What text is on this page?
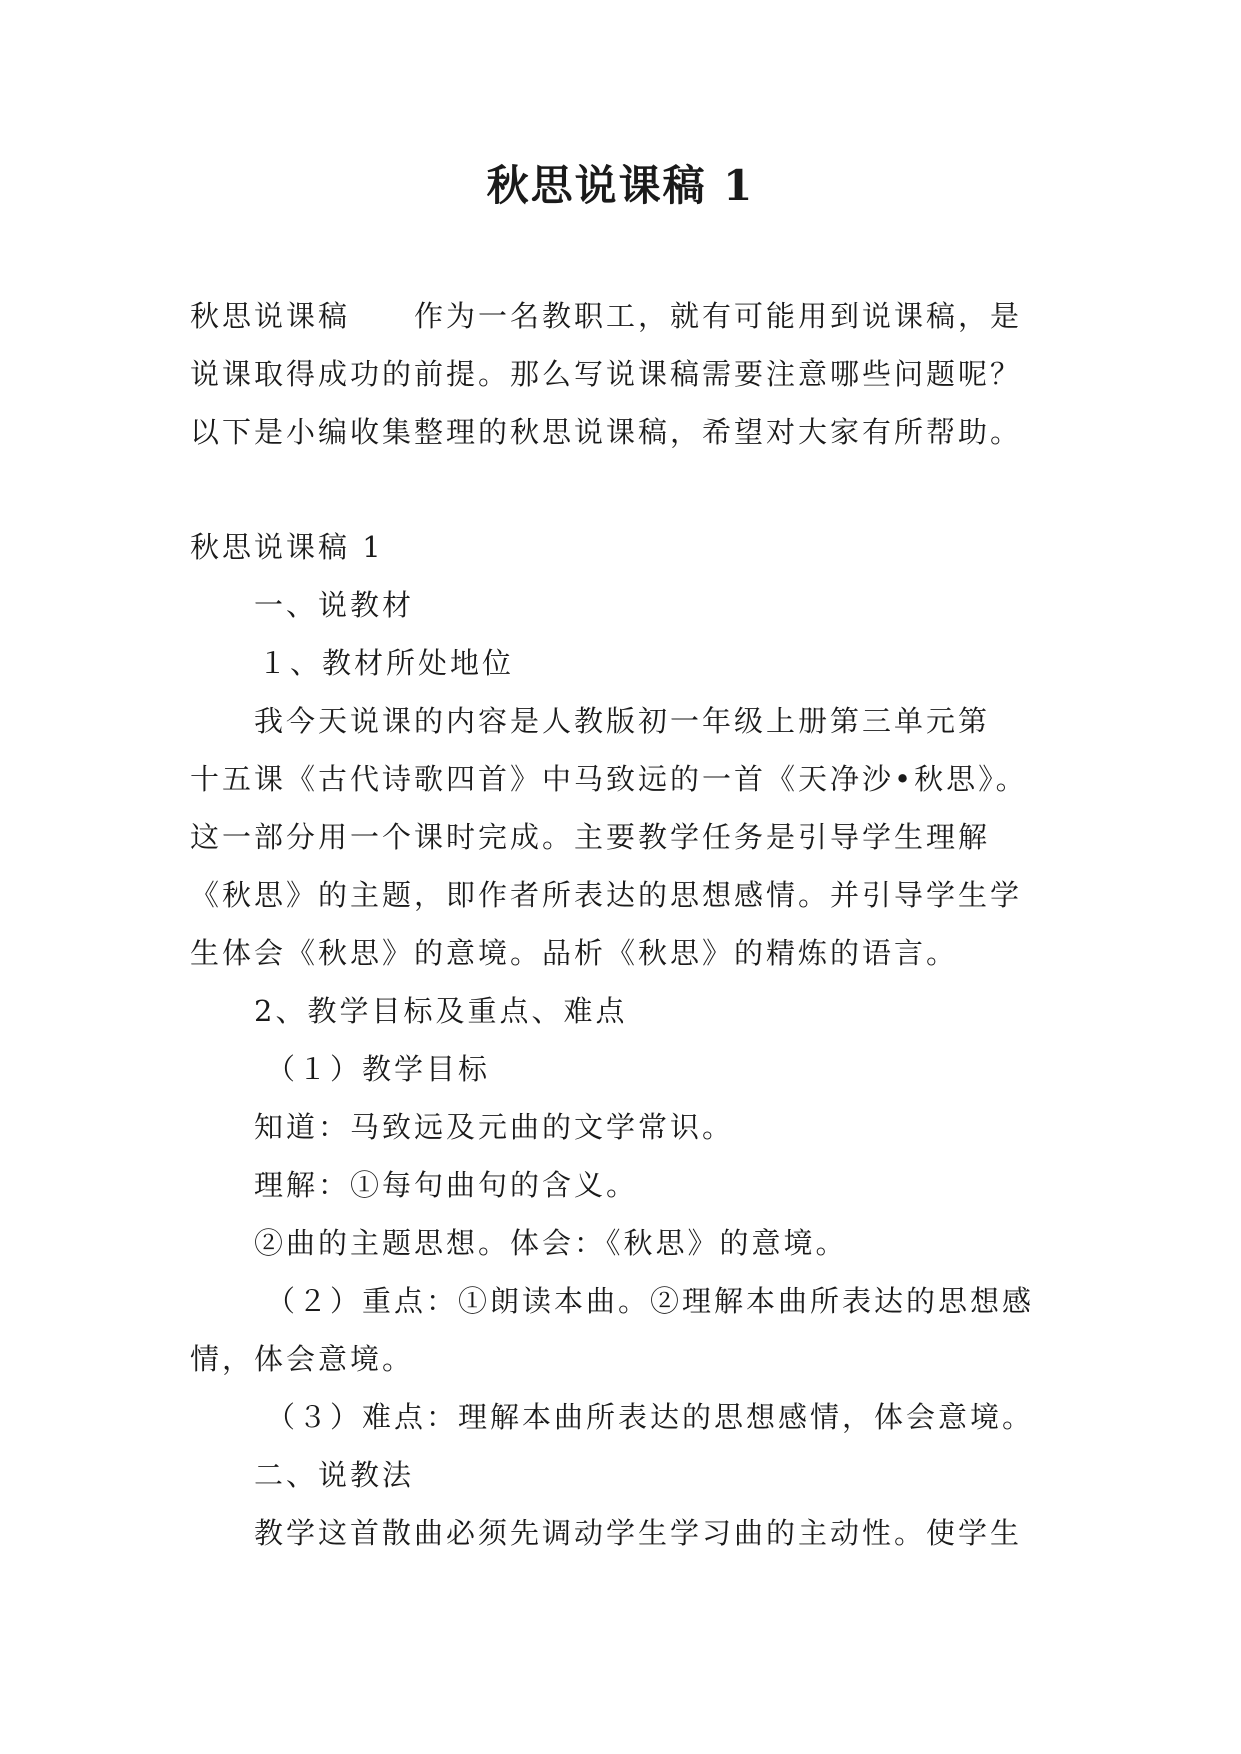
秋思说课稿 1
秋思说课稿 作为一名教职工，就有可能用到说课稿，是
说课取得成功的前提。那么写说课稿需要注意哪些问题呢？
以下是小编收集整理的秋思说课稿，希望对大家有所帮助。
秋思说课稿 1
一、说教材
１、教材所处地位
我今天说课的内容是人教版初一年级上册第三单元第
十五课《古代诗歌四首》中马致远的一首《天净沙•秋思》。
这一部分用一个课时完成。主要教学任务是引导学生理解
《秋思》的主题，即作者所表达的思想感情。并引导学生学
生体会《秋思》的意境。品析《秋思》的精炼的语言。
2、教学目标及重点、难点
（１）教学目标
知道：马致远及元曲的文学常识。
理解：①每句曲句的含义。
②曲的主题思想。体会：《秋思》的意境。
（２）重点：①朗读本曲。②理解本曲所表达的思想感
情，体会意境。
（３）难点：理解本曲所表达的思想感情，体会意境。
二、说教法
教学这首散曲必须先调动学生学习曲的主动性。使学生
